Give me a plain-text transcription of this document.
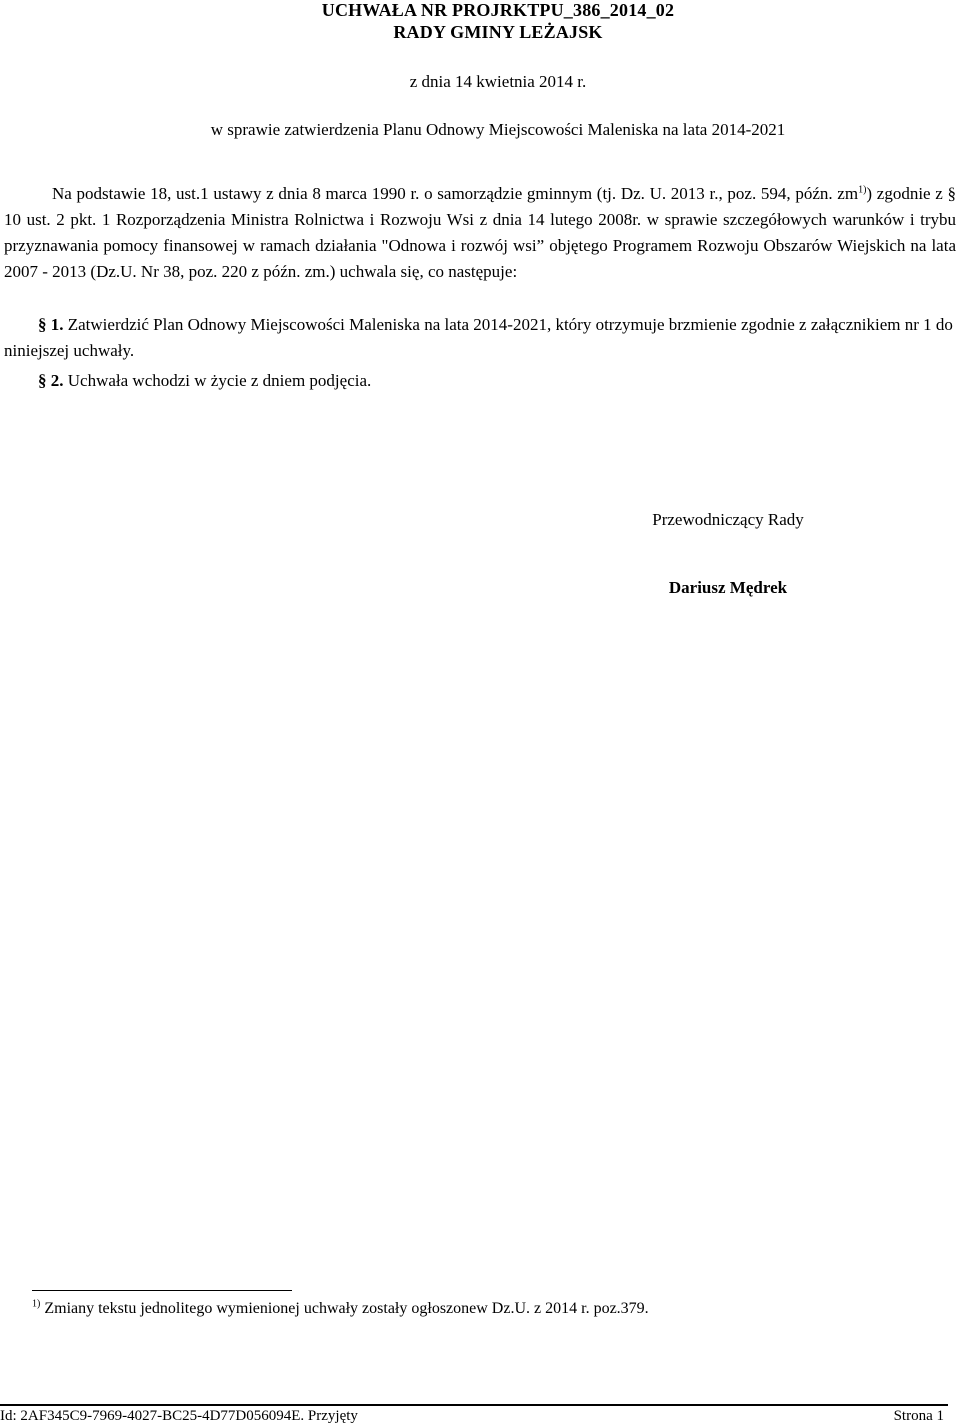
UCHWAŁA NR PROJRKTPU_386_2014_02
RADY GMINY LEŻAJSK
z dnia 14 kwietnia 2014 r.
w sprawie zatwierdzenia Planu Odnowy Miejscowości Maleniska na lata 2014-2021
Na podstawie 18, ust.1 ustawy z dnia 8 marca 1990 r. o samorządzie gminnym (tj. Dz. U. 2013 r., poz. 594, późn. $zm^{1)}$) zgodnie z § 10 ust. 2 pkt. 1 Rozporządzenia Ministra Rolnictwa i Rozwoju Wsi z dnia 14 lutego 2008r. w sprawie szczegółowych warunków i trybu przyznawania pomocy finansowej w ramach działania "Odnowa i rozwój wsi” objętego Programem Rozwoju Obszarów Wiejskich na lata 2007 - 2013 (Dz.U. Nr 38, poz. 220 z późn. zm.) uchwala się, co następuje:
§ 1. Zatwierdzić Plan Odnowy Miejscowości Maleniska na lata 2014-2021, który otrzymuje brzmienie zgodnie z załącznikiem nr 1 do niniejszej uchwały.
§ 2. Uchwała wchodzi w życie z dniem podjęcia.
Przewodniczący Rady
Dariusz Mędrek
$^{1)}$ Zmiany tekstu jednolitego wymienionej uchwały zostały ogłoszonew Dz.U. z 2014 r. poz.379.
Id: 2AF345C9-7969-4027-BC25-4D77D056094E. Przyjęty	Strona 1
